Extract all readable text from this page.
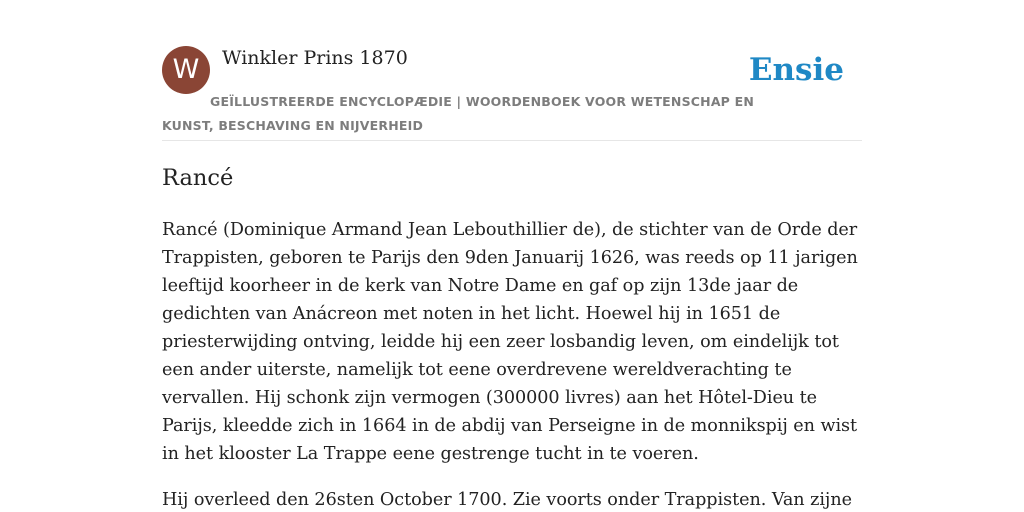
W	Winkler Prins 1870	Ensie
GEÏLLUSTREERDE ENCYCLOPÆDIE | WOORDENBOEK VOOR WETENSCHAP EN KUNST, BESCHAVING EN NIJVERHEID
Rancé

Rancé (Dominique Armand Jean Lebouthillier de), de stichter van de Orde der Trappisten, geboren te Parijs den 9den Januarij 1626, was reeds op 11 jarigen leeftijd koorheer in de kerk van Notre Dame en gaf op zijn 13de jaar de gedichten van Anácreon met noten in het licht. Hoewel hij in 1651 de priesterwijding ontving, leidde hij een zeer losbandig leven, om eindelijk tot een ander uiterste, namelijk tot eene overdrevene wereldverachting te vervallen. Hij schonk zijn vermogen (300000 livres) aan het Hôtel-Dieu te Parijs, kleedde zich in 1664 in de abdij van Perseigne in de monnikspij en wist in het klooster La Trappe eene gestrenge tucht in te voeren.

Hij overleed den 26sten October 1700. Zie voorts onder Trappisten. Van zijne
